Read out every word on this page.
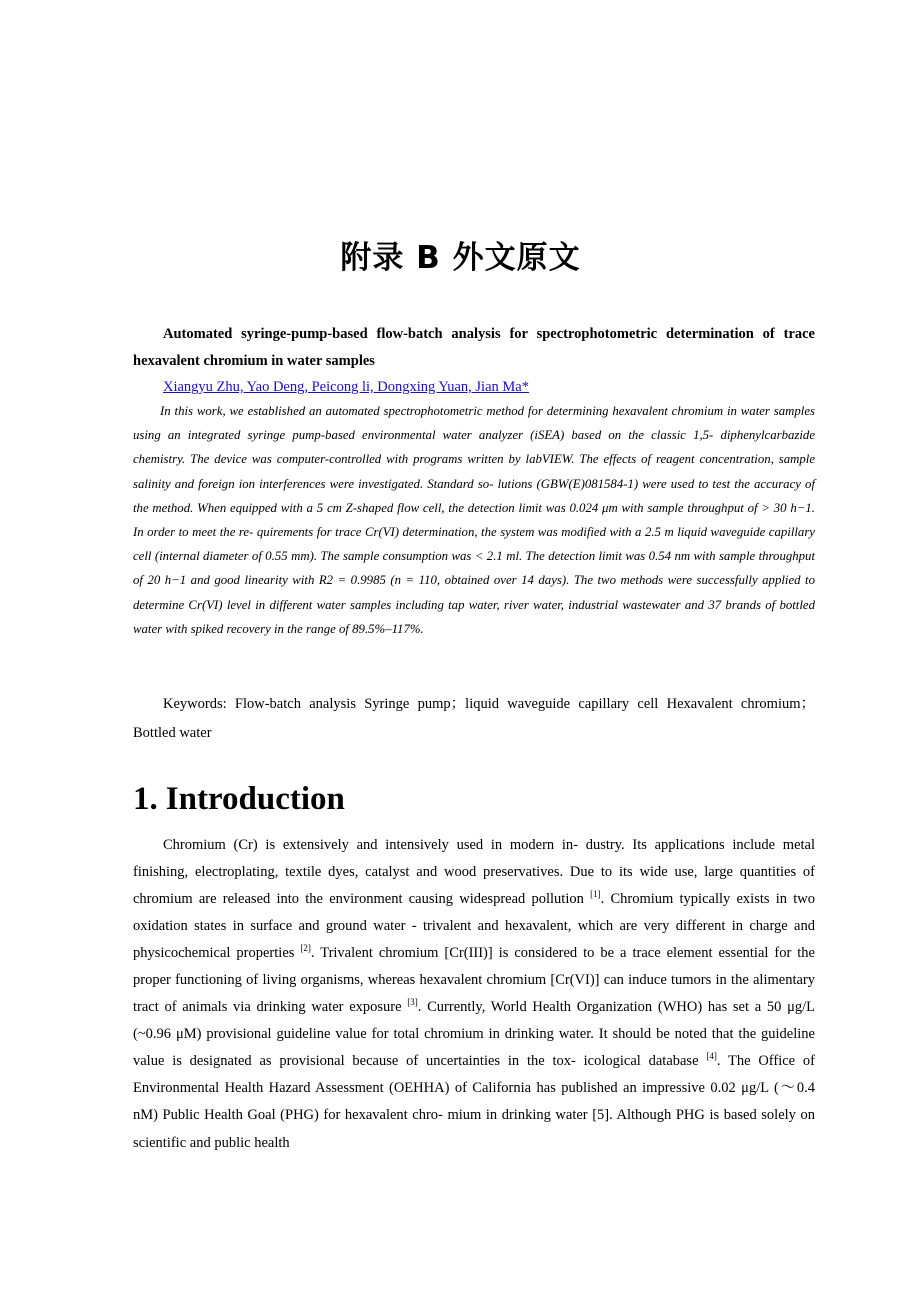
附录 B 外文原文
Automated syringe-pump-based flow-batch analysis for spectrophotometric determination of trace hexavalent chromium in water samples
Xiangyu Zhu, Yao Deng, Peicong li, Dongxing Yuan, Jian Ma*
In this work, we established an automated spectrophotometric method for determining hexavalent chromium in water samples using an integrated syringe pump-based environmental water analyzer (iSEA) based on the classic 1,5‐ diphenylcarbazide chemistry. The device was computer-controlled with programs written by labVIEW. The effects of reagent concentration, sample salinity and foreign ion interferences were investigated. Standard so- lutions (GBW(E)081584-1) were used to test the accuracy of the method. When equipped with a 5 cm Z-shaped flow cell, the detection limit was 0.024 μm with sample throughput of > 30 h−1. In order to meet the re- quirements for trace Cr(VI) determination, the system was modified with a 2.5 m liquid waveguide capillary cell (internal diameter of 0.55 mm). The sample consumption was < 2.1 ml. The detection limit was 0.54 nm with sample throughput of 20 h−1 and good linearity with R2 = 0.9985 (n = 110, obtained over 14 days). The two methods were successfully applied to determine Cr(VI) level in different water samples including tap water, river water, industrial wastewater and 37 brands of bottled water with spiked recovery in the range of 89.5%–117%.
Keywords: Flow-batch analysis Syringe pump；liquid waveguide capillary cell Hexavalent chromium；Bottled water
1. Introduction
Chromium (Cr) is extensively and intensively used in modern in- dustry. Its applications include metal finishing, electroplating, textile dyes, catalyst and wood preservatives. Due to its wide use, large quantities of chromium are released into the environment causing widespread pollution [1]. Chromium typically exists in two oxidation states in surface and ground water - trivalent and hexavalent, which are very different in charge and physicochemical properties [2]. Trivalent chromium [Cr(III)] is considered to be a trace element essential for the proper functioning of living organisms, whereas hexavalent chromium [Cr(VI)] can induce tumors in the alimentary tract of animals via drinking water exposure [3]. Currently, World Health Organization (WHO) has set a 50 μg/L (~0.96 μM) provisional guideline value for total chromium in drinking water. It should be noted that the guideline value is designated as provisional because of uncertainties in the tox- icological database [4]. The Office of Environmental Health Hazard Assessment (OEHHA) of California has published an impressive 0.02 μg/L (～0.4 nM) Public Health Goal (PHG) for hexavalent chro- mium in drinking water [5]. Although PHG is based solely on scientific and public health
